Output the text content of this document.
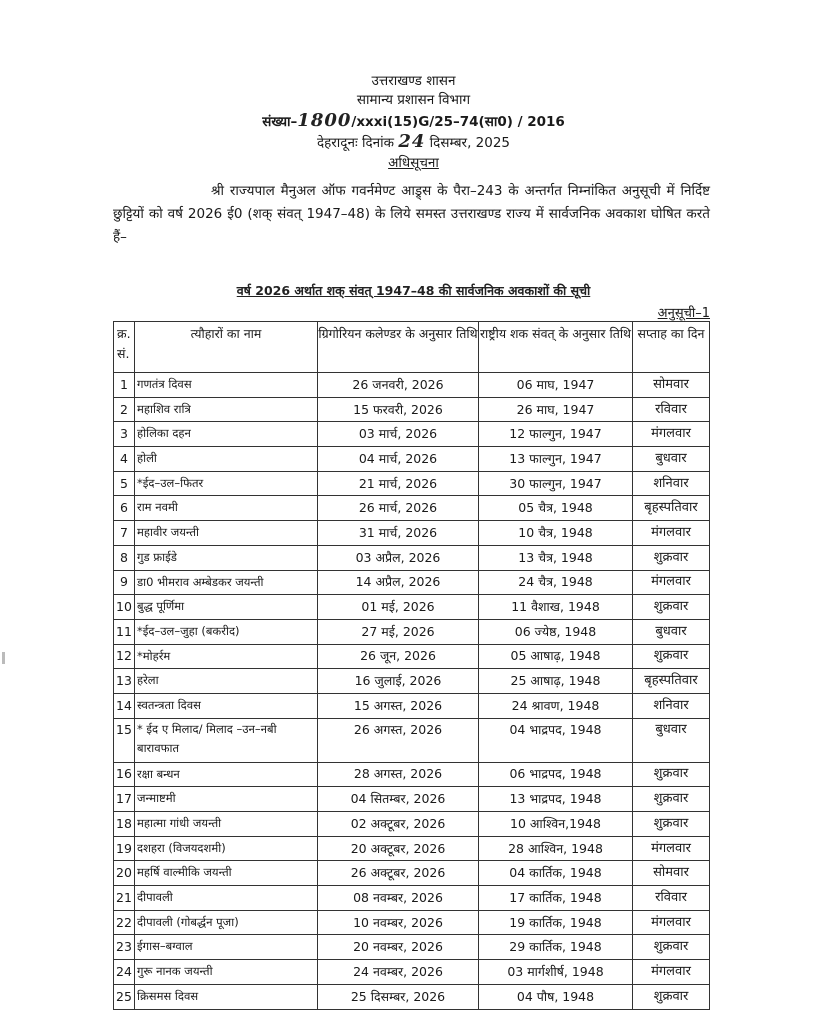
उत्तराखण्ड शासन
सामान्य प्रशासन विभाग
संख्या–1800/xxxi(15)G/25–74(सा0) / 2016
देहरादूनः दिनांक 24 दिसम्बर, 2025
अधिसूचना
श्री राज्यपाल मैनुअल ऑफ गवर्नमेण्ट आड्र्स के पैरा–243 के अन्तर्गत निम्नांकित अनुसूची में निर्दिष्ट छुट्टियों को वर्ष 2026 ई0 (शक् संवत् 1947–48) के लिये समस्त उत्तराखण्ड राज्य में सार्वजनिक अवकाश घोषित करते हैं–
वर्ष 2026 अर्थात शक् संवत् 1947–48 की सार्वजनिक अवकाशों की सूची
अनुसूची–1
क्र. सं.	त्यौहारों का नाम	ग्रिगोरियन कलेण्डर के अनुसार तिथि	राष्ट्रीय शक संवत् के अनुसार तिथि	सप्ताह का दिन
1	गणतंत्र दिवस	26 जनवरी, 2026	06 माघ, 1947	सोमवार
2	महाशिव रात्रि	15 फरवरी, 2026	26 माघ, 1947	रविवार
3	होलिका दहन	03 मार्च, 2026	12 फाल्गुन, 1947	मंगलवार
4	होली	04 मार्च, 2026	13 फाल्गुन, 1947	बुधवार
5	*ईद–उल–फितर	21 मार्च, 2026	30 फाल्गुन, 1947	शनिवार
6	राम नवमी	26 मार्च, 2026	05 चैत्र, 1948	बृहस्पतिवार
7	महावीर जयन्ती	31 मार्च, 2026	10 चैत्र, 1948	मंगलवार
8	गुड फ्राईडे	03 अप्रैल, 2026	13 चैत्र, 1948	शुक्रवार
9	डा0 भीमराव अम्बेडकर जयन्ती	14 अप्रैल, 2026	24 चैत्र, 1948	मंगलवार
10	बुद्ध पूर्णिमा	01 मई, 2026	11 वैशाख, 1948	शुक्रवार
11	*ईद–उल–जुहा (बकरीद)	27 मई, 2026	06 ज्येष्ठ, 1948	बुधवार
12	*मोहर्रम	26 जून, 2026	05 आषाढ़, 1948	शुक्रवार
13	हरेला	16 जुलाई, 2026	25 आषाढ़, 1948	बृहस्पतिवार
14	स्वतन्त्रता दिवस	15 अगस्त, 2026	24 श्रावण, 1948	शनिवार
15	* ईद ए मिलाद/ मिलाद –उन–नबी बारावफात	26 अगस्त, 2026	04 भाद्रपद, 1948	बुधवार
16	रक्षा बन्धन	28 अगस्त, 2026	06 भाद्रपद, 1948	शुक्रवार
17	जन्माष्टमी	04 सितम्बर, 2026	13 भाद्रपद, 1948	शुक्रवार
18	महात्मा गांधी जयन्ती	02 अक्टूबर, 2026	10 आश्विन,1948	शुक्रवार
19	दशहरा (विजयदशमी)	20 अक्टूबर, 2026	28 आश्विन, 1948	मंगलवार
20	महर्षि वाल्मीकि जयन्ती	26 अक्टूबर, 2026	04 कार्तिक, 1948	सोमवार
21	दीपावली	08 नवम्बर, 2026	17 कार्तिक, 1948	रविवार
22	दीपावली (गोबर्द्धन पूजा)	10 नवम्बर, 2026	19 कार्तिक, 1948	मंगलवार
23	ईगास–बग्वाल	20 नवम्बर, 2026	29 कार्तिक, 1948	शुक्रवार
24	गुरू नानक जयन्ती	24 नवम्बर, 2026	03 मार्गशीर्ष, 1948	मंगलवार
25	क्रिसमस दिवस	25 दिसम्बर, 2026	04 पौष, 1948	शुक्रवार
